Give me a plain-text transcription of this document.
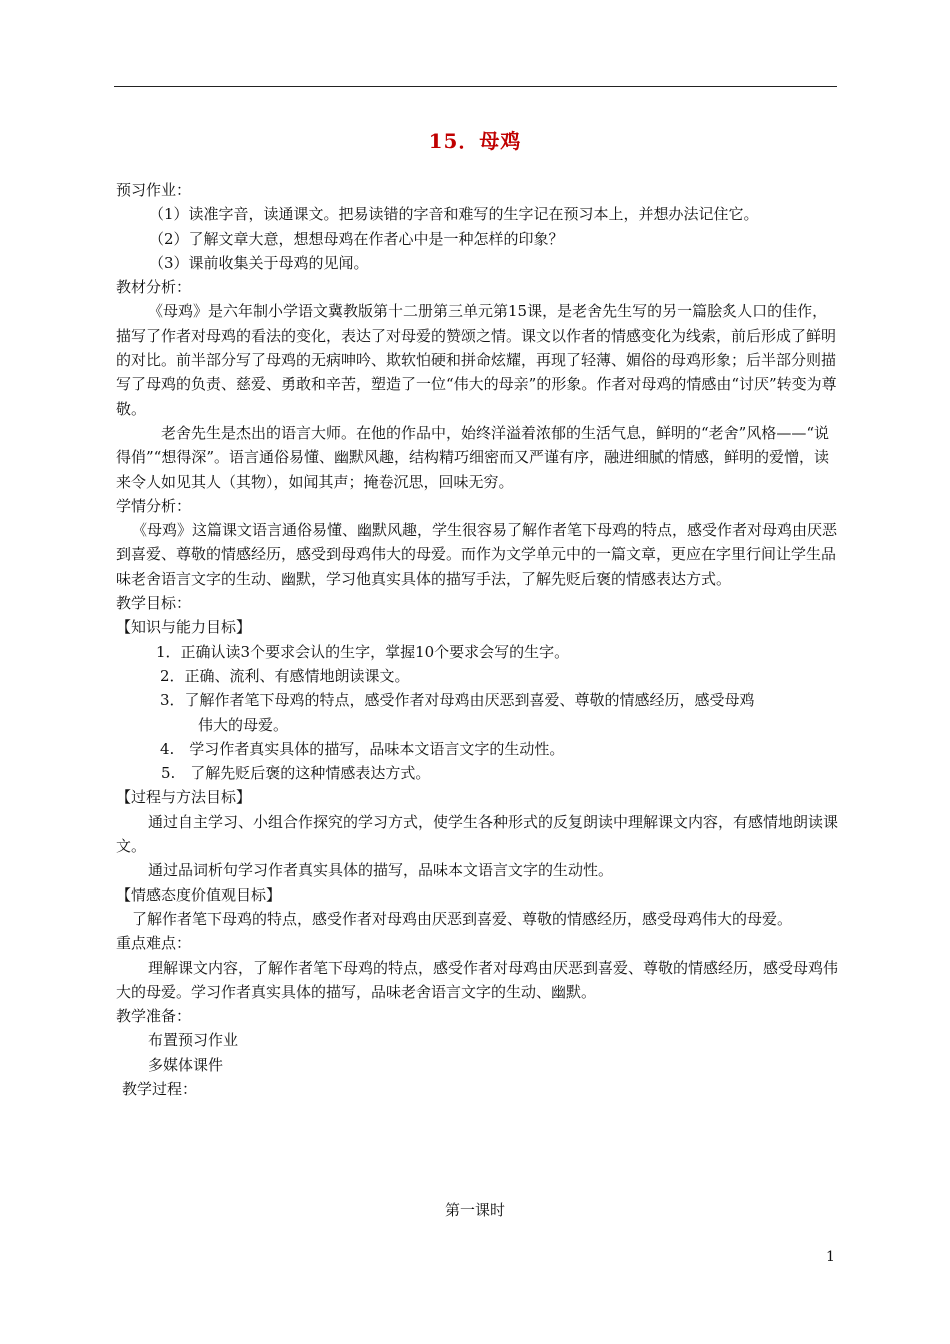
15．母鸡

预习作业：

（1）读准字音，读通课文。把易读错的字音和难写的生字记在预习本上，并想办法记住它。

（2）了解文章大意，想想母鸡在作者心中是一种怎样的印象？

（3）课前收集关于母鸡的见闻。

教材分析：

《母鸡》是六年制小学语文冀教版第十二册第三单元第15课，是老舍先生写的另一篇脍炙人口的佳作，描写了作者对母鸡的看法的变化，表达了对母爱的赞颂之情。课文以作者的情感变化为线索，前后形成了鲜明的对比。前半部分写了母鸡的无病呻吟、欺软怕硬和拼命炫耀，再现了轻薄、媚俗的母鸡形象；后半部分则描写了母鸡的负责、慈爱、勇敢和辛苦，塑造了一位“伟大的母亲”的形象。作者对母鸡的情感由“讨厌”转变为尊敬。

老舍先生是杰出的语言大师。在他的作品中，始终洋溢着浓郁的生活气息，鲜明的“老舍”风格——“说得俏”“想得深”。语言通俗易懂、幽默风趣，结构精巧细密而又严谨有序，融进细腻的情感，鲜明的爱憎，读来令人如见其人（其物），如闻其声；掩卷沉思，回味无穷。

学情分析：

《母鸡》这篇课文语言通俗易懂、幽默风趣，学生很容易了解作者笔下母鸡的特点，感受作者对母鸡由厌恶到喜爱、尊敬的情感经历，感受到母鸡伟大的母爱。而作为文学单元中的一篇文章，更应在字里行间让学生品味老舍语言文字的生动、幽默，学习他真实具体的描写手法，了解先贬后褒的情感表达方式。

教学目标：

【知识与能力目标】

1．正确认读3个要求会认的生字，掌握10个要求会写的生字。

2．正确、流利、有感情地朗读课文。

3．了解作者笔下母鸡的特点，感受作者对母鸡由厌恶到喜爱、尊敬的情感经历，感受母鸡

伟大的母爱。

4.　学习作者真实具体的描写，品味本文语言文字的生动性。

5.　了解先贬后褒的这种情感表达方式。

【过程与方法目标】

通过自主学习、小组合作探究的学习方式，使学生各种形式的反复朗读中理解课文内容，有感情地朗读课文。

通过品词析句学习作者真实具体的描写，品味本文语言文字的生动性。

【情感态度价值观目标】

了解作者笔下母鸡的特点，感受作者对母鸡由厌恶到喜爱、尊敬的情感经历，感受母鸡伟大的母爱。

重点难点：

理解课文内容，了解作者笔下母鸡的特点，感受作者对母鸡由厌恶到喜爱、尊敬的情感经历，感受母鸡伟大的母爱。学习作者真实具体的描写，品味老舍语言文字的生动、幽默。

教学准备：

布置预习作业

多媒体课件

教学过程：

第一课时
1
